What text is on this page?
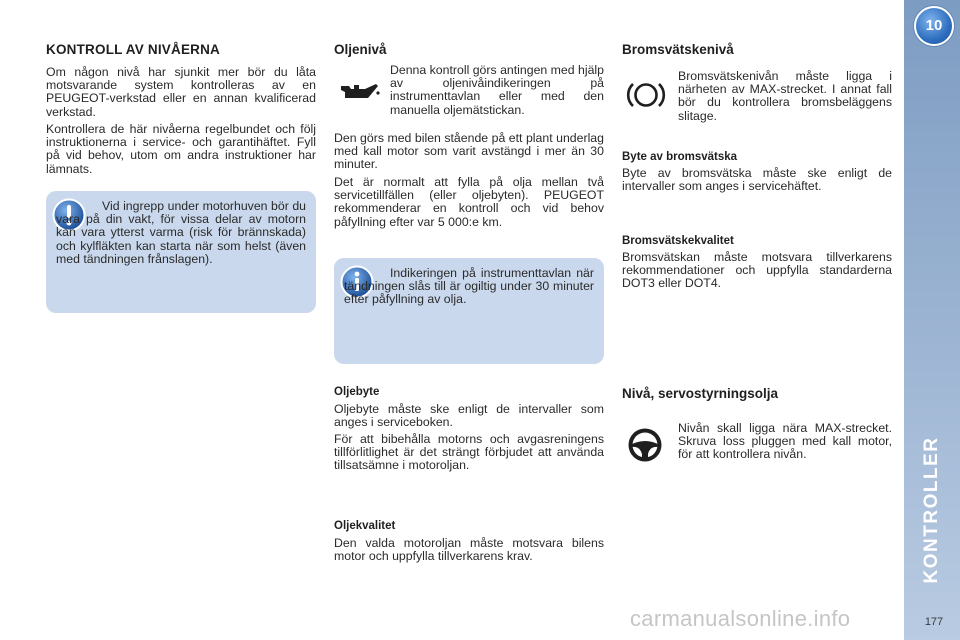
10
KONTROLLER
177
KONTROLL AV NIVÅERNA

Om någon nivå har sjunkit mer bör du låta motsvarande system kontrolleras av en PEUGEOT-verkstad eller en annan kvalificerad verkstad.

Kontrollera de här nivåerna regelbundet och följ instruktionerna i service- och garantihäftet. Fyll på vid behov, utom om andra instruktioner har lämnats.

Vid ingrepp under motorhuven bör du vara på din vakt, för vissa delar av motorn kan vara ytterst varma (risk för brännskada) och kylfläkten kan starta när som helst (även med tändningen frånslagen).

Oljenivå

Denna kontroll görs antingen med hjälp av oljenivåindikeringen på instrumenttavlan eller med den manuella oljemätstickan.

Den görs med bilen stående på ett plant underlag med kall motor som varit avstängd i mer än 30 minuter.

Det är normalt att fylla på olja mellan två servicetillfällen (eller oljebyten). PEUGEOT rekommenderar en kontroll och vid behov påfyllning efter var 5 000:e km.

Indikeringen på instrumenttavlan när tändningen slås till är ogiltig under 30 minuter efter påfyllning av olja.

Oljebyte

Oljebyte måste ske enligt de intervaller som anges i serviceboken.

För att bibehålla motorns och avgasreningens tillförlitlighet är det strängt förbjudet att använda tillsatsämne i motoroljan.

Oljekvalitet

Den valda motoroljan måste motsvara bilens motor och uppfylla tillverkarens krav.

Bromsvätskenivå

Bromsvätskenivån måste ligga i närheten av MAX-strecket. I annat fall bör du kontrollera bromsbeläggens slitage.

Byte av bromsvätska

Byte av bromsvätska måste ske enligt de intervaller som anges i servicehäftet.

Bromsvätskekvalitet

Bromsvätskan måste motsvara tillverkarens rekommendationer och uppfylla standarderna DOT3 eller DOT4.

Nivå, servostyrningsolja

Nivån skall ligga nära MAX-strecket. Skruva loss pluggen med kall motor, för att kontrollera nivån.

carmanualsonline.info
